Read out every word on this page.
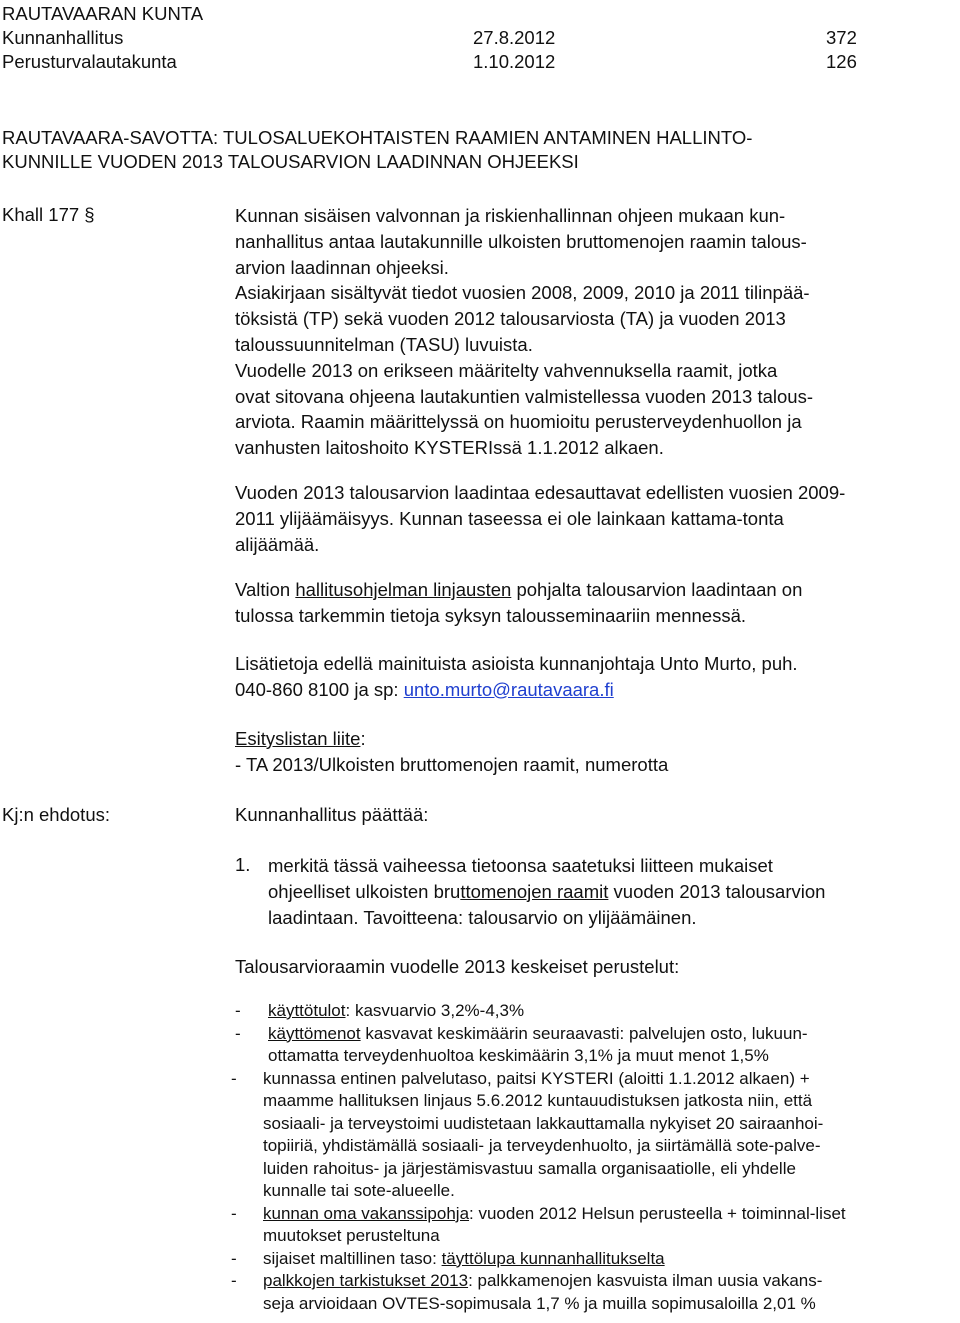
RAUTAVAARAN KUNTA
Kunnanhallitus	27.8.2012	372
Perusturvalautakunta	1.10.2012	126
RAUTAVAARA-SAVOTTA: TULOSALUEKOHTAISTEN RAAMIEN ANTAMINEN HALLINTO-
KUNNILLE VUODEN 2013 TALOUSARVION LAADINNAN OHJEEKSI
Khall 177 §	Kunnan sisäisen valvonnan ja riskienhallinnan ohjeen mukaan kun-
nanhallitus antaa lautakunnille ulkoisten bruttomenojen raamin talous-
arvion laadinnan ohjeeksi.
Asiakirjaan sisältyvät tiedot vuosien 2008, 2009, 2010 ja 2011 tilinpää-
töksistä (TP) sekä vuoden 2012 talousarviosta (TA) ja vuoden 2013
taloussuunnitelman (TASU) luvuista.
Vuodelle 2013 on erikseen määritelty vahvennuksella raamit, jotka
ovat sitovana ohjeena lautakuntien valmistellessa vuoden 2013 talous-
arviota. Raamin määrittelyssä on huomioitu perusterveydenhuollon ja
vanhusten laitoshoito KYSTERIssä 1.1.2012 alkaen.
Vuoden 2013 talousarvion laadintaa edesauttavat edellisten vuosien 2009-
2011 ylijäämäisyys. Kunnan taseessa ei ole lainkaan kattama-tonta
alijäämää.
Valtion hallitusohjelman linjausten pohjalta talousarvion laadintaan on
tulossa tarkemmin tietoja syksyn talousseminaariin mennessä.
Lisätietoja edellä mainituista asioista kunnanjohtaja Unto Murto, puh.
040-860 8100 ja sp: unto.murto@rautavaara.fi
Esityslistan liite:
- TA 2013/Ulkoisten bruttomenojen raamit, numerotta
Kj:n ehdotus:	Kunnanhallitus päättää:
1. merkitä tässä vaiheessa tietoonsa saatetuksi liitteen mukaiset
ohjeelliset ulkoisten bruttomenojen raamit vuoden 2013 talousarvion
laadintaan. Tavoitteena: talousarvio on ylijäämäinen.
Talousarvioraamin vuodelle 2013 keskeiset perustelut:
-	käyttötulot: kasvuarvio 3,2%-4,3%
-	käyttömenot kasvavat keskimäärin seuraavasti: palvelujen osto, lukuun-
ottamatta terveydenhuoltoa keskimäärin 3,1% ja muut menot 1,5%
-	kunnassa entinen palvelutaso, paitsi KYSTERI (aloitti 1.1.2012 alkaen) +
maamme hallituksen linjaus 5.6.2012 kuntauudistuksen jatkosta niin, että
sosiaali- ja terveystoimi uudistetaan lakkauttamalla nykyiset 20 sairaanhoi-
topiiriä, yhdistämällä sosiaali- ja terveydenhuolto, ja siirtämällä sote-palve-
luiden rahoitus- ja järjestämisvastuu samalla organisaatiolle, eli yhdelle
kunnalle tai sote-alueelle.
-	kunnan oma vakanssipohja: vuoden 2012 Helsun perusteella + toiminnal-liset
muutokset perusteltuna
-	sijaiset maltillinen taso: täyttölupa kunnanhallitukselta
-	palkkojen tarkistukset 2013: palkkamenojen kasvuista ilman uusia vakans-
seja arvioidaan OVTES-sopimusala 1,7 % ja muilla sopimusaloilla 2,01 %
